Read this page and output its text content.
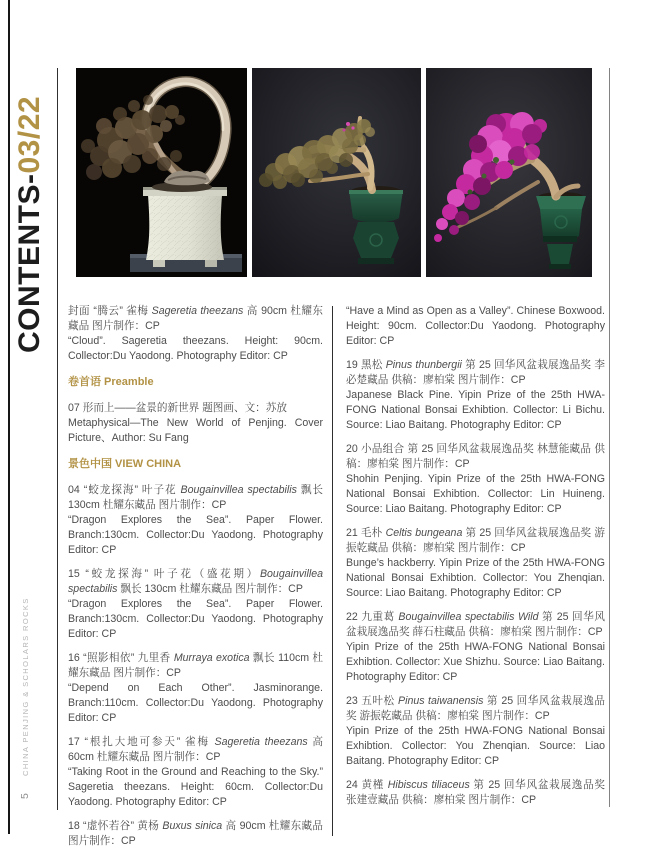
CONTENTS-03/22
CHINA PENJING & SCHOLARS ROCKS
5

封面 “腾云” 雀梅 Sageretia theezans 高 90cm 杜耀东藏品 图片制作：CP

“Cloud”. Sageretia theezans. Height: 90cm. Collector:Du Yaodong. Photography Editor: CP

卷首语 Preamble

07 形而上——盆景的新世界 题图画、文：苏放

Metaphysical—The New World of Penjing. Cover Picture、Author: Su Fang

景色中国 VIEW CHINA

04 “蛟龙探海” 叶子花 Bougainvillea spectabilis 飘长 130cm 杜耀东藏品 图片制作：CP

“Dragon Explores the Sea”. Paper Flower. Branch:130cm. Collector:Du Yaodong. Photography Editor: CP

15 “蛟龙探海” 叶子花（盛花期）Bougainvillea spectabilis 飘长 130cm 杜耀东藏品 图片制作：CP

“Dragon Explores the Sea”. Paper Flower. Branch:130cm. Collector:Du Yaodong. Photography Editor: CP

16 “照影相依” 九里香 Murraya exotica 飘长 110cm 杜耀东藏品 图片制作：CP

“Depend on Each Other”. Jasminorange. Branch:110cm. Collector:Du Yaodong. Photography Editor: CP

17 “根扎大地可参天” 雀梅 Sageretia theezans 高 60cm 杜耀东藏品 图片制作：CP

“Taking Root in the Ground and Reaching to the Sky.” Sageretia theezans. Height: 60cm. Collector:Du Yaodong. Photography Editor: CP

18 “虚怀若谷” 黄杨 Buxus sinica 高 90cm 杜耀东藏品 图片制作：CP

“Have a Mind as Open as a Valley”. Chinese Boxwood. Height: 90cm. Collector:Du Yaodong. Photography Editor: CP

19 黑松 Pinus thunbergii 第 25 回华风盆栽展逸品奖 李必楚藏品 供稿：廖柏棠 图片制作：CP

Japanese Black Pine. Yipin Prize of the 25th HWA-FONG National Bonsai Exhibtion. Collector: Li Bichu. Source: Liao Baitang. Photography Editor: CP

20 小品组合 第 25 回华风盆栽展逸品奖 林慧能藏品 供稿：廖柏棠 图片制作：CP

Shohin Penjing. Yipin Prize of the 25th HWA-FONG National Bonsai Exhibtion. Collector: Lin Huineng. Source: Liao Baitang. Photography Editor: CP

21 毛朴 Celtis bungeana 第 25 回华风盆栽展逸品奖 游振乾藏品 供稿：廖柏棠 图片制作：CP

Bunge’s hackberry. Yipin Prize of the 25th HWA-FONG National Bonsai Exhibtion. Collector: You Zhenqian. Source: Liao Baitang. Photography Editor: CP

22 九重葛 Bougainvillea spectabilis Wild 第 25 回华风盆栽展逸品奖 薛石柱藏品 供稿：廖柏棠 图片制作：CP

Yipin Prize of the 25th HWA-FONG National Bonsai Exhibtion. Collector: Xue Shizhu. Source: Liao Baitang. Photography Editor: CP

23 五叶松 Pinus taiwanensis 第 25 回华风盆栽展逸品奖 游振乾藏品 供稿：廖柏棠 图片制作：CP

Yipin Prize of the 25th HWA-FONG National Bonsai Exhibtion. Collector: You Zhenqian. Source: Liao Baitang. Photography Editor: CP

24 黄槿 Hibiscus tiliaceus 第 25 回华风盆栽展逸品奖 张建壹藏品 供稿：廖柏棠 图片制作：CP
